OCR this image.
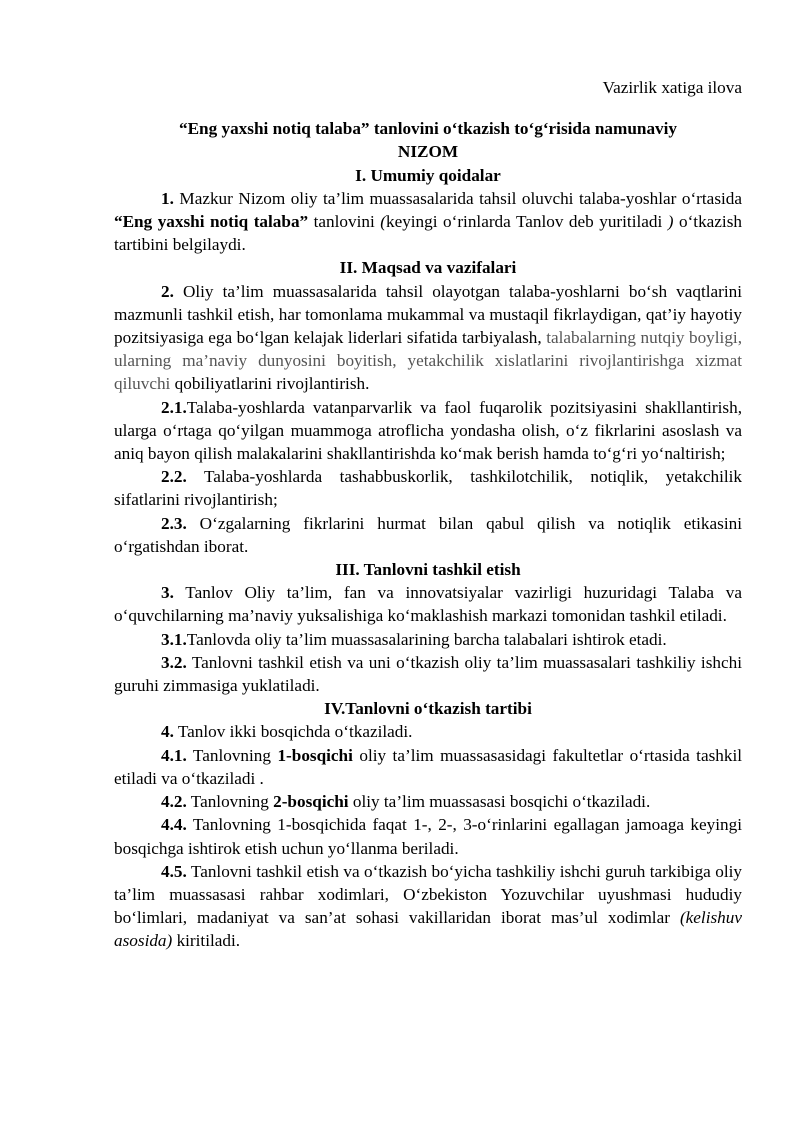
Vazirlik xatiga ilova

“Eng yaxshi notiq talaba” tanlovini o‘tkazish to‘g‘risida namunaviy
NIZOM

I. Umumiy qoidalar

1. Mazkur Nizom oliy ta’lim muassasalarida tahsil oluvchi talaba-yoshlar o‘rtasida “Eng yaxshi notiq talaba” tanlovini (keyingi o‘rinlarda Tanlov deb yuritiladi ) o‘tkazish tartibini belgilaydi.

II. Maqsad va vazifalari

2. Oliy ta’lim muassasalarida tahsil olayotgan talaba-yoshlarni bo‘sh vaqtlarini mazmunli tashkil etish, har tomonlama mukammal va mustaqil fikrlaydigan, qat’iy hayotiy pozitsiyasiga ega bo‘lgan kelajak liderlari sifatida tarbiyalash, talabalarning nutqiy boyligi, ularning ma’naviy dunyosini boyitish, yetakchilik xislatlarini rivojlantirishga xizmat qiluvchi qobiliyatlarini rivojlantirish.

2.1.Talaba-yoshlarda vatanparvarlik va faol fuqarolik pozitsiyasini shakllantirish, ularga o‘rtaga qo‘yilgan muammoga atroflicha yondasha olish, o‘z fikrlarini asoslash va aniq bayon qilish malakalarini shakllantirishda ko‘mak berish hamda to‘g‘ri yo‘naltirish;

2.2. Talaba-yoshlarda tashabbuskorlik, tashkilotchilik, notiqlik, yetakchilik sifatlarini rivojlantirish;

2.3. O‘zgalarning fikrlarini hurmat bilan qabul qilish va notiqlik etikasini o‘rgatishdan iborat.

III. Tanlovni tashkil etish

3. Tanlov Oliy ta’lim, fan va innovatsiyalar vazirligi huzuridagi Talaba va o‘quvchilarning ma’naviy yuksalishiga ko‘maklashish markazi tomonidan tashkil etiladi.

3.1.Tanlovda oliy ta’lim muassasalarining barcha talabalari ishtirok etadi.

3.2. Tanlovni tashkil etish va uni o‘tkazish oliy ta’lim muassasalari tashkiliy ishchi guruhi zimmasiga yuklatiladi.

IV.Tanlovni o‘tkazish tartibi

4. Tanlov ikki bosqichda o‘tkaziladi.

4.1. Tanlovning 1-bosqichi oliy ta’lim muassasasidagi fakultetlar o‘rtasida tashkil etiladi va o‘tkaziladi .

4.2. Tanlovning 2-bosqichi oliy ta’lim muassasasi bosqichi o‘tkaziladi.

4.4. Tanlovning 1-bosqichida faqat 1-, 2-, 3-o‘rinlarini egallagan jamoaga keyingi bosqichga ishtirok etish uchun yo‘llanma beriladi.

4.5. Tanlovni tashkil etish va o‘tkazish bo‘yicha tashkiliy ishchi guruh tarkibiga oliy ta’lim muassasasi rahbar xodimlari, O‘zbekiston Yozuvchilar uyushmasi hududiy bo‘limlari, madaniyat va san’at sohasi vakillaridan iborat mas’ul xodimlar (kelishuv asosida) kiritiladi.
